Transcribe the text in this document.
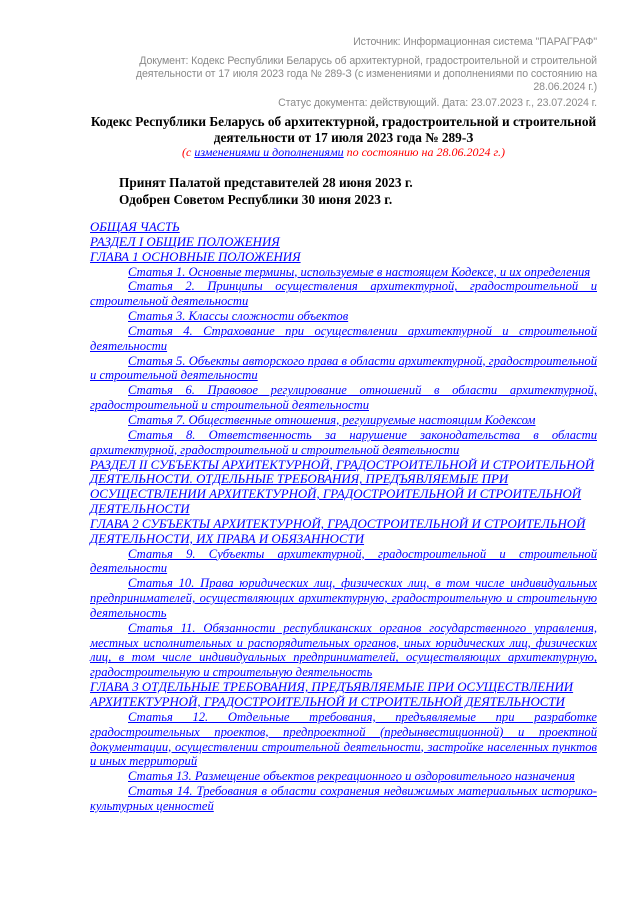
Источник: Информационная система "ПАРАГРАФ"
Документ: Кодекс Республики Беларусь об архитектурной, градостроительной и строительной деятельности от 17 июля 2023 года № 289-З (с изменениями и дополнениями по состоянию на 28.06.2024 г.)
Статус документа: действующий. Дата: 23.07.2023 г., 23.07.2024 г.
Кодекс Республики Беларусь об архитектурной, градостроительной и строительной деятельности от 17 июля 2023 года № 289-З
(с изменениями и дополнениями по состоянию на 28.06.2024 г.)
Принят Палатой представителей 28 июня 2023 г.
Одобрен Советом Республики 30 июня 2023 г.
ОБЩАЯ ЧАСТЬ
РАЗДЕЛ I ОБЩИЕ ПОЛОЖЕНИЯ
ГЛАВА 1 ОСНОВНЫЕ ПОЛОЖЕНИЯ
Статья 1. Основные термины, используемые в настоящем Кодексе, и их определения
Статья 2. Принципы осуществления архитектурной, градостроительной и строительной деятельности
Статья 3. Классы сложности объектов
Статья 4. Страхование при осуществлении архитектурной и строительной деятельности
Статья 5. Объекты авторского права в области архитектурной, градостроительной и строительной деятельности
Статья 6. Правовое регулирование отношений в области архитектурной, градостроительной и строительной деятельности
Статья 7. Общественные отношения, регулируемые настоящим Кодексом
Статья 8. Ответственность за нарушение законодательства в области архитектурной, градостроительной и строительной деятельности
РАЗДЕЛ II СУБЪЕКТЫ АРХИТЕКТУРНОЙ, ГРАДОСТРОИТЕЛЬНОЙ И СТРОИТЕЛЬНОЙ ДЕЯТЕЛЬНОСТИ. ОТДЕЛЬНЫЕ ТРЕБОВАНИЯ, ПРЕДЪЯВЛЯЕМЫЕ ПРИ ОСУЩЕСТВЛЕНИИ АРХИТЕКТУРНОЙ, ГРАДОСТРОИТЕЛЬНОЙ И СТРОИТЕЛЬНОЙ ДЕЯТЕЛЬНОСТИ
ГЛАВА 2 СУБЪЕКТЫ АРХИТЕКТУРНОЙ, ГРАДОСТРОИТЕЛЬНОЙ И СТРОИТЕЛЬНОЙ ДЕЯТЕЛЬНОСТИ, ИХ ПРАВА И ОБЯЗАННОСТИ
Статья 9. Субъекты архитектурной, градостроительной и строительной деятельности
Статья 10. Права юридических лиц, физических лиц, в том числе индивидуальных предпринимателей, осуществляющих архитектурную, градостроительную и строительную деятельность
Статья 11. Обязанности республиканских органов государственного управления, местных исполнительных и распорядительных органов, иных юридических лиц, физических лиц, в том числе индивидуальных предпринимателей, осуществляющих архитектурную, градостроительную и строительную деятельность
ГЛАВА 3 ОТДЕЛЬНЫЕ ТРЕБОВАНИЯ, ПРЕДЪЯВЛЯЕМЫЕ ПРИ ОСУЩЕСТВЛЕНИИ АРХИТЕКТУРНОЙ, ГРАДОСТРОИТЕЛЬНОЙ И СТРОИТЕЛЬНОЙ ДЕЯТЕЛЬНОСТИ
Статья 12. Отдельные требования, предъявляемые при разработке градостроительных проектов, предпроектной (предынвестиционной) и проектной документации, осуществлении строительной деятельности, застройке населенных пунктов и иных территорий
Статья 13. Размещение объектов рекреационного и оздоровительного назначения
Статья 14. Требования в области сохранения недвижимых материальных историко-культурных ценностей
